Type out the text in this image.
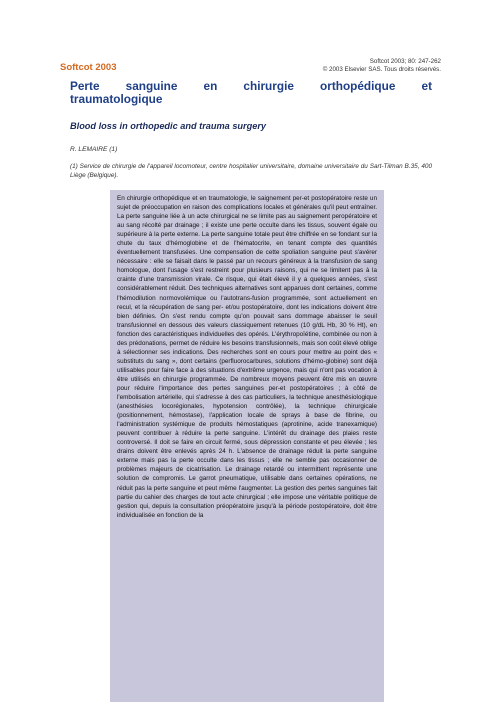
Softcot 2003
Softcot 2003; 80: 247-262
© 2003 Elsevier SAS. Tous droits réservés.
Perte sanguine en chirurgie orthopédique et
traumatologique
Blood loss in orthopedic and trauma surgery
R. LEMAIRE (1)
(1) Service de chirurgie de l'appareil locomoteur, centre hospitalier universitaire, domaine universitaire du Sart-Tilman B.35, 400 Liège (Belgique).

En chirurgie orthopédique et en traumatologie, le saignement per-et postopératoire reste un sujet de préoccupation en raison des complications locales et générales qu'il peut entraîner. La perte sanguine liée à un acte chirurgical ne se limite pas au saignement peropératoire et au sang récolté par drainage ; il existe une perte occulte dans les tissus, souvent égale ou supérieure à la perte externe. La perte sanguine totale peut être chiffrée en se fondant sur la chute du taux d'hémoglobine et de l'hématocrite, en tenant compte des quantités éventuellement transfusées. Une compensation de cette spoliation sanguine peut s'avérer nécessaire : elle se faisait dans le passé par un recours généreux à la transfusion de sang homologue, dont l'usage s'est restreint pour plusieurs raisons, qui ne se limitent pas à la crainte d'une transmission virale. Ce risque, qui était élevé il y a quelques années, s'est considérablement réduit. Des techniques alternatives sont apparues dont certaines, comme l'hémodilution normovolémique ou l'autotrans-fusion programmée, sont actuellement en recul, et la récupération de sang per- et/ou postopératoire, dont les indications doivent être bien définies. On s'est rendu compte qu'on pouvait sans dommage abaisser le seuil transfusionnel en dessous des valeurs classiquement retenues (10 g/dL Hb, 30 % Ht), en fonction des caractéristiques individuelles des opérés. L'érythropoïétine, combinée ou non à des prédonations, permet de réduire les besoins transfusionnels, mais son coût élevé oblige à sélectionner ses indications. Des recherches sont en cours pour mettre au point des « substituts du sang », dont certains (perfluorocarbures, solutions d'hémo-globine) sont déjà utilisables pour faire face à des situations d'extrême urgence, mais qui n'ont pas vocation à être utilisés en chirurgie programmée. De nombreux moyens peuvent être mis en œuvre pour réduire l'importance des pertes sanguines per-et postopératoires ; à côté de l'embolisation artérielle, qui s'adresse à des cas particuliers, la technique anesthésiologique (anesthésies locorégionales, hypotension contrôlée), la technique chirurgicale (positionnement, hémostase), l'application locale de sprays à base de fibrine, ou l'administration systémique de produits hémostatiques (aprotinine, acide tranexamique) peuvent contribuer à réduire la perte sanguine. L'intérêt du drainage des plaies reste controversé. Il doit se faire en circuit fermé, sous dépression constante et peu élevée ; les drains doivent être enlevés après 24 h. L'absence de drainage réduit la perte sanguine externe mais pas la perte occulte dans les tissus ; elle ne semble pas occasionner de problèmes majeurs de cicatrisation. Le drainage retardé ou intermittent représente une solution de compromis. Le garrot pneumatique, utilisable dans certaines opérations, ne réduit pas la perte sanguine et peut même l'augmenter. La gestion des pertes sanguines fait partie du cahier des charges de tout acte chirurgical ; elle impose une véritable politique de gestion qui, depuis la consultation préopératoire jusqu'à la période postopératoire, doit être individualisée en fonction de la
